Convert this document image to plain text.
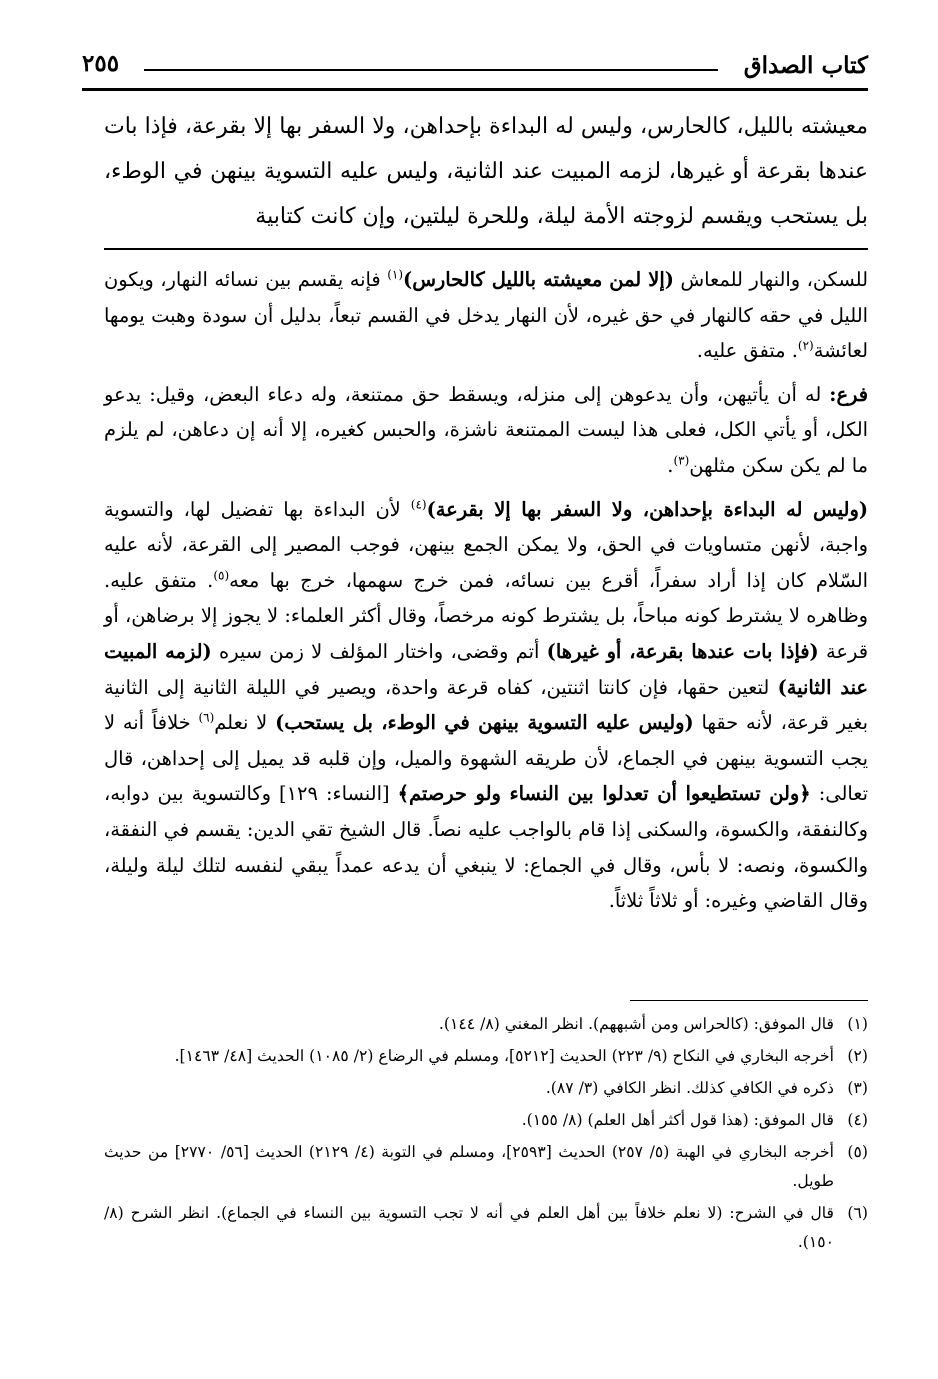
٢٥٥	كتاب الصداق

معيشته بالليل، كالحارس، وليس له البداءة بإحداهن، ولا السفر بها إلا بقرعة، فإذا بات عندها بقرعة أو غيرها، لزمه المبيت عند الثانية، وليس عليه التسوية بينهن في الوطء، بل يستحب ويقسم لزوجته الأمة ليلة، وللحرة ليلتين، وإن كانت كتابية

للسكن، والنهار للمعاش (إلا لمن معيشته بالليل كالحارس)$^{(١)}$ فإنه يقسم بين نسائه النهار، ويكون الليل في حقه كالنهار في حق غيره، لأن النهار يدخل في القسم تبعاً، بدليل أن سودة وهبت يومها لعائشة$^{(٢)}$. متفق عليه.

فرع: له أن يأتيهن، وأن يدعوهن إلى منزله، ويسقط حق ممتنعة، وله دعاء البعض، وقيل: يدعو الكل، أو يأتي الكل، فعلى هذا ليست الممتنعة ناشزة، والحبس كغيره، إلا أنه إن دعاهن، لم يلزم ما لم يكن سكن مثلهن$^{(٣)}$.

(وليس له البداءة بإحداهن، ولا السفر بها إلا بقرعة)$^{(٤)}$ لأن البداءة بها تفضيل لها، والتسوية واجبة، لأنهن متساويات في الحق، ولا يمكن الجمع بينهن، فوجب المصير إلى القرعة، لأنه عليه السّلام كان إذا أراد سفراً، أقرع بين نسائه، فمن خرج سهمها، خرج بها معه$^{(٥)}$. متفق عليه. وظاهره لا يشترط كونه مباحاً، بل يشترط كونه مرخصاً، وقال أكثر العلماء: لا يجوز إلا برضاهن، أو قرعة (فإذا بات عندها بقرعة، أو غيرها) أتم وقضى، واختار المؤلف لا زمن سيره (لزمه المبيت عند الثانية) لتعين حقها، فإن كانتا اثنتين، كفاه قرعة واحدة، ويصير في الليلة الثانية إلى الثانية بغير قرعة، لأنه حقها (وليس عليه التسوية بينهن في الوطء، بل يستحب) لا نعلم$^{(٦)}$ خلافاً أنه لا يجب التسوية بينهن في الجماع، لأن طريقه الشهوة والميل، وإن قلبه قد يميل إلى إحداهن، قال تعالى: ﴿ولن تستطيعوا أن تعدلوا بين النساء ولو حرصتم﴾ [النساء: ١٢٩] وكالتسوية بين دوابه، وكالنفقة، والكسوة، والسكنى إذا قام بالواجب عليه نصاً. قال الشيخ تقي الدين: يقسم في النفقة، والكسوة، ونصه: لا بأس، وقال في الجماع: لا ينبغي أن يدعه عمداً يبقي لنفسه لتلك ليلة وليلة، وقال القاضي وغيره: أو ثلاثاً ثلاثاً.

(١)
قال الموفق: (كالحراس ومن أشبههم). انظر المغني (٨/ ١٤٤).
(٢)
أخرجه البخاري في النكاح (٩/ ٢٢٣) الحديث [٥٢١٢]، ومسلم في الرضاع (٢/ ١٠٨٥) الحديث [٤٨/ ١٤٦٣].
(٣)
ذكره في الكافي كذلك. انظر الكافي (٣/ ٨٧).
(٤)
قال الموفق: (هذا قول أكثر أهل العلم) (٨/ ١٥٥).
(٥)
أخرجه البخاري في الهبة (٥/ ٢٥٧) الحديث [٢٥٩٣]، ومسلم في التوبة (٤/ ٢١٢٩) الحديث [٥٦/ ٢٧٧٠] من حديث طويل.
(٦)
قال في الشرح: (لا نعلم خلافاً بين أهل العلم في أنه لا تجب التسوية بين النساء في الجماع). انظر الشرح (٨/ ١٥٠).
